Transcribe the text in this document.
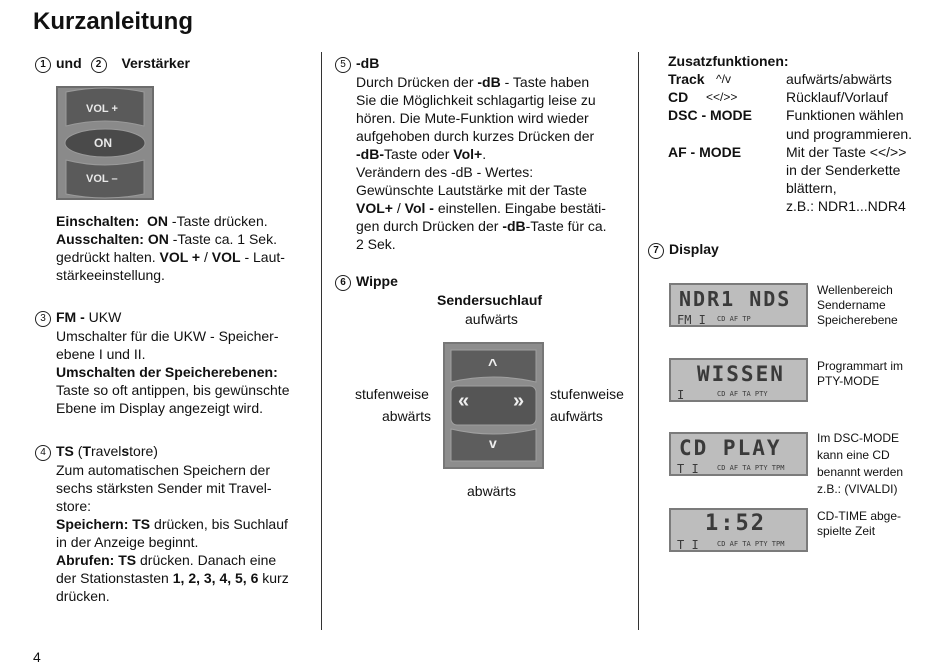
Kurzanleitung
1 und 2 Verstärker
VOL +
ON
VOL –
Einschalten: ON -Taste drücken.
Ausschalten: ON -Taste ca. 1 Sek.
gedrückt halten. VOL + / VOL - Laut-
stärkeeinstellung.
3 FM - UKW
Umschalter für die UKW - Speicher-
ebene I und II.
Umschalten der Speicherebenen:
Taste so oft antippen, bis gewünschte
Ebene im Display angezeigt wird.
4 TS (Travelstore)
Zum automatischen Speichern der
sechs stärksten Sender mit Travel-
store:
Speichern: TS drücken, bis Suchlauf
in der Anzeige beginnt.
Abrufen: TS drücken. Danach eine
der Stationstasten 1, 2, 3, 4, 5, 6 kurz
drücken.
4
5 -dB
Durch Drücken der -dB - Taste haben
Sie die Möglichkeit schlagartig leise zu
hören. Die Mute-Funktion wird wieder
aufgehoben durch kurzes Drücken der
-dB-Taste oder Vol+.
Verändern des -dB - Wertes:
Gewünschte Lautstärke mit der Taste
VOL+ / Vol - einstellen. Eingabe bestäti-
gen durch Drücken der -dB-Taste für ca.
2 Sek.
6 Wippe
Sendersuchlauf
aufwärts
stufenweise
abwärts
stufenweise
aufwärts
abwärts
^
« »
v
Zusatzfunktionen:
Track ^/v	aufwärts/abwärts
CD <</>>	Rücklauf/Vorlauf
DSC - MODE Funktionen wählen
und programmieren.
AF - MODE	Mit der Taste <</>>
in der Senderkette
blättern,
z.B.: NDR1...NDR4
7 Display
NDR1 NDS
FM I CD AF TP
Wellenbereich
Sendername
Speicherebene
WISSEN
I	CD AF TA PTY
Programmart im
PTY-MODE
CD PLAY
T I	CD AF TA PTY TPM
Im DSC-MODE
kann eine CD
benannt werden
z.B.: (VIVALDI)
1:52
T I	CD AF TA PTY TPM
CD-TIME abge-
spielte Zeit
